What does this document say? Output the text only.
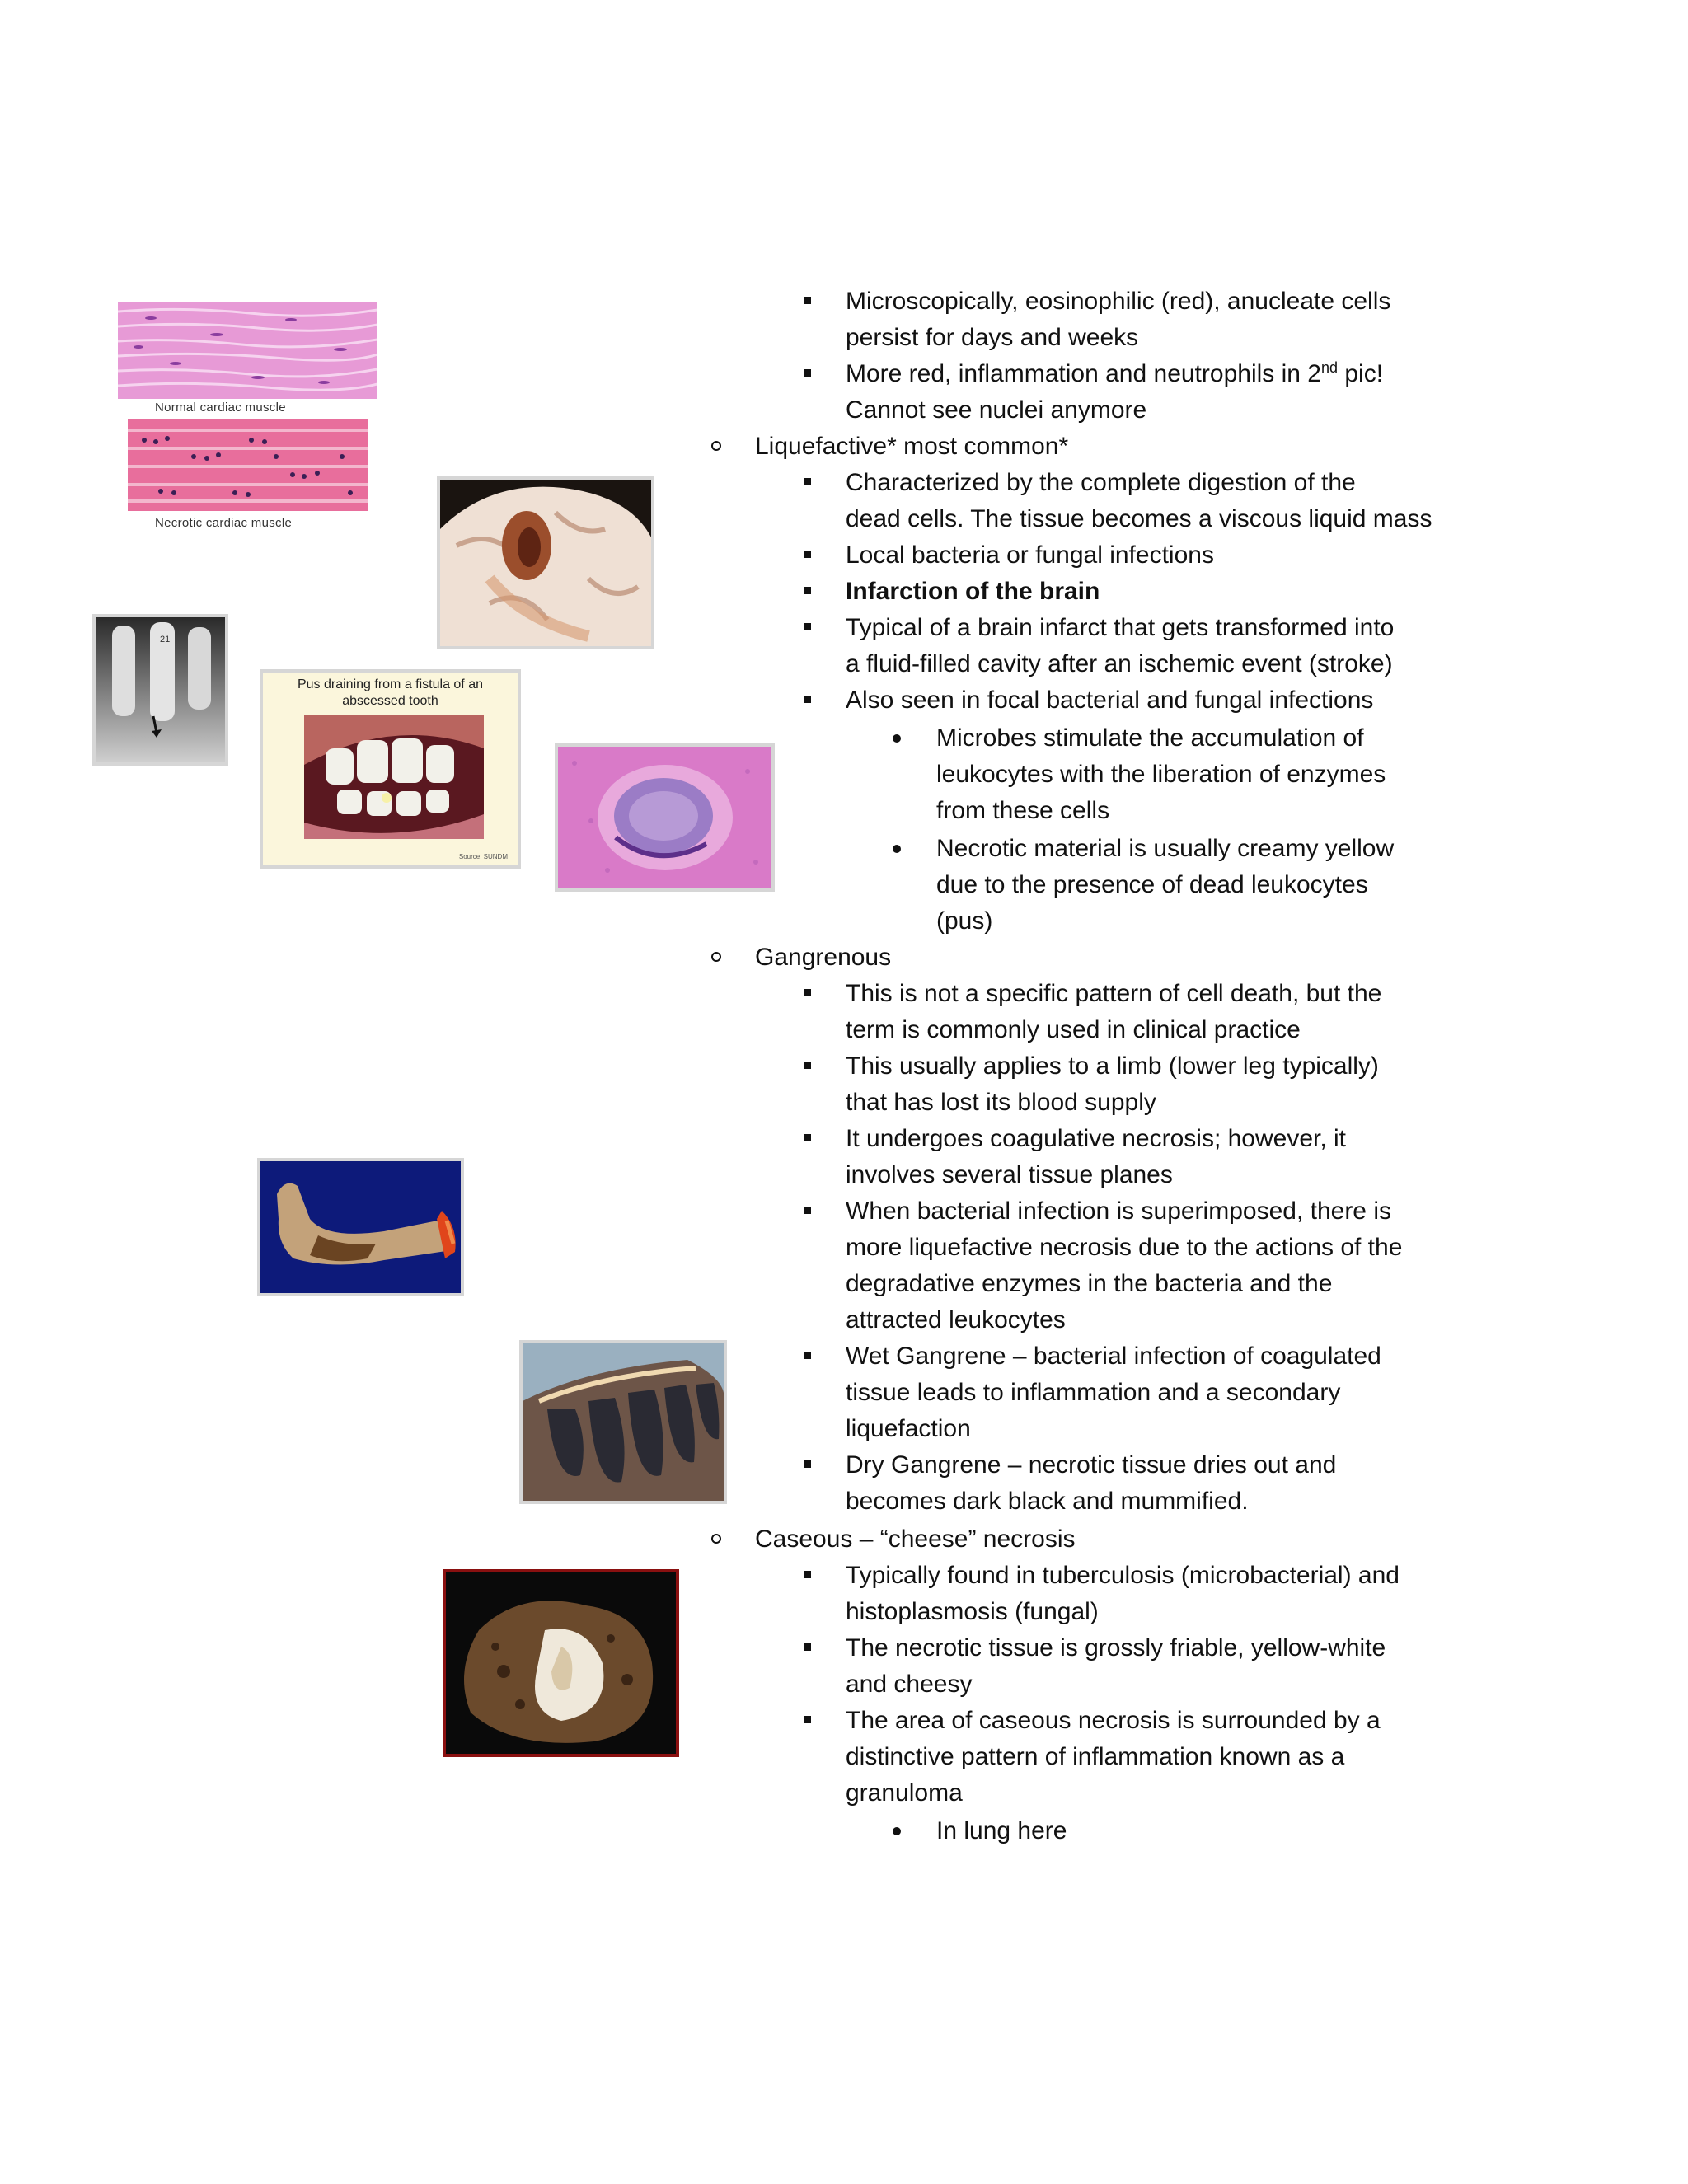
Normal cardiac muscle
Necrotic cardiac muscle
21
Pus draining from a fistula of an
abscessed tooth
Source: SUNDM
Microscopically, eosinophilic (red), anucleate cells
persist for days and weeks
More red, inflammation and neutrophils in 2nd pic!
Cannot see nuclei anymore
Liquefactive* most common*
Characterized by the complete digestion of the
dead cells. The tissue becomes a viscous liquid mass
Local bacteria or fungal infections
Infarction of the brain
Typical of a brain infarct that gets transformed into
a fluid-filled cavity after an ischemic event (stroke)
Also seen in focal bacterial and fungal infections
Microbes stimulate the accumulation of
leukocytes with the liberation of enzymes
from these cells
Necrotic material is usually creamy yellow
due to the presence of dead leukocytes
(pus)
Gangrenous
This is not a specific pattern of cell death, but the
term is commonly used in clinical practice
This usually applies to a limb (lower leg typically)
that has lost its blood supply
It undergoes coagulative necrosis; however, it
involves several tissue planes
When bacterial infection is superimposed, there is
more liquefactive necrosis due to the actions of the
degradative enzymes in the bacteria and the
attracted leukocytes
Wet Gangrene – bacterial infection of coagulated
tissue leads to inflammation and a secondary
liquefaction
Dry Gangrene – necrotic tissue dries out and
becomes dark black and mummified.
Caseous – “cheese” necrosis
Typically found in tuberculosis (microbacterial) and
histoplasmosis (fungal)
The necrotic tissue is grossly friable, yellow-white
and cheesy
The area of caseous necrosis is surrounded by a
distinctive pattern of inflammation known as a
granuloma
In lung here
